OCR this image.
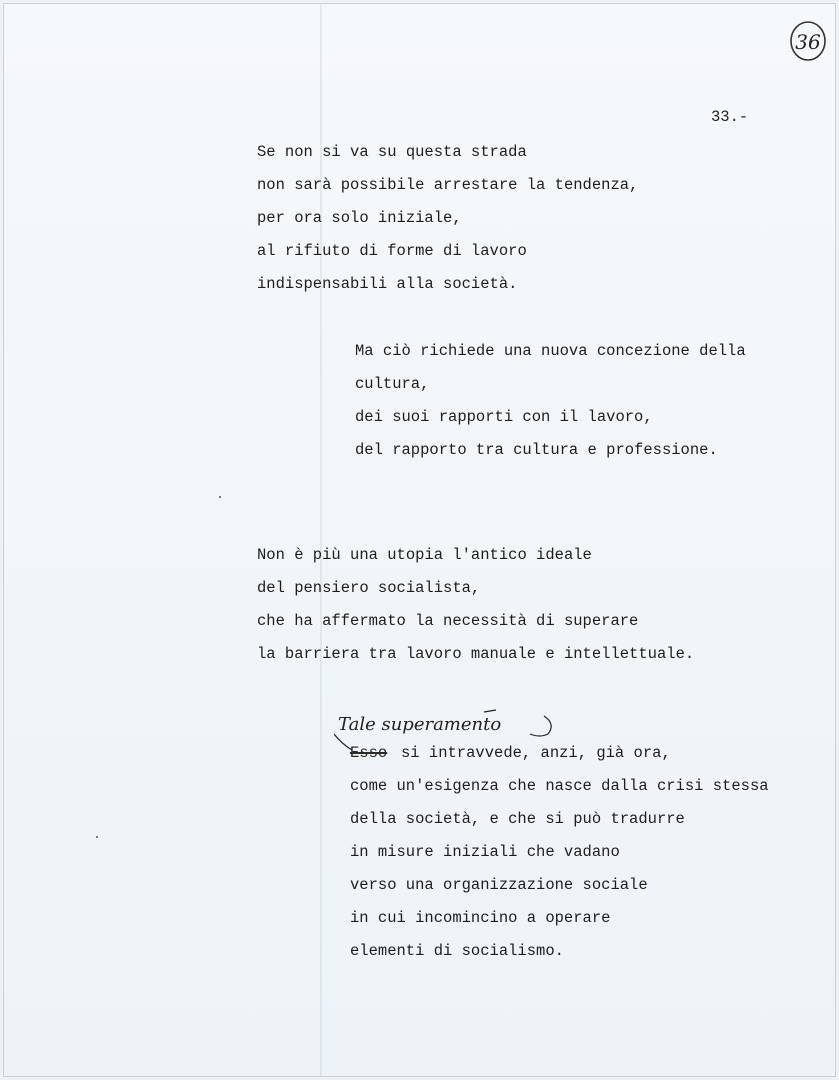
36
33.-
Se non si va su questa strada
non sarà possibile arrestare la tendenza,
per ora solo iniziale,
al rifiuto di forme di lavoro
indispensabili alla società.
Ma ciò richiede una nuova concezione della
cultura,
dei suoi rapporti con il lavoro,
del rapporto tra cultura e professione.
Non è più una utopia l'antico ideale
del pensiero socialista,
che ha affermato la necessità di superare
la barriera tra lavoro manuale e intellettuale.
Tale superamento
Esso si intravvede, anzi, già ora,
come un'esigenza che nasce dalla crisi stessa
della società, e che si può tradurre
in misure iniziali che vadano
verso una organizzazione sociale
in cui incomincino a operare
elementi di socialismo.
